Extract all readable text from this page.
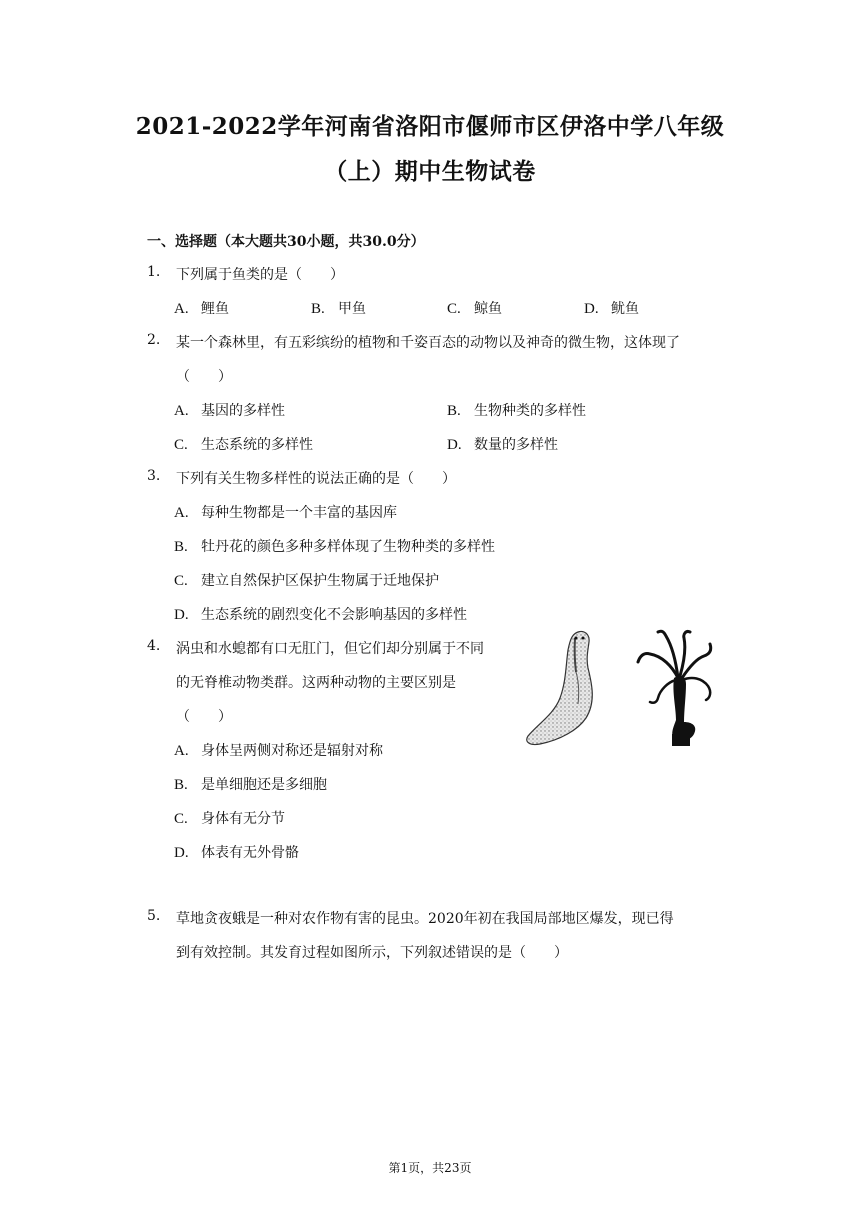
2021-2022学年河南省洛阳市偃师市区伊洛中学八年级
（上）期中生物试卷
一、选择题（本大题共30小题，共30.0分）
1. 下列属于鱼类的是（　　）
A. 鲤鱼	B. 甲鱼	C. 鲸鱼	D. 鱿鱼
2. 某一个森林里，有五彩缤纷的植物和千姿百态的动物以及神奇的微生物，这体现了
（　　）
A. 基因的多样性	B. 生物种类的多样性
C. 生态系统的多样性	D. 数量的多样性
3. 下列有关生物多样性的说法正确的是（　　）
A. 每种生物都是一个丰富的基因库
B. 牡丹花的颜色多种多样体现了生物种类的多样性
C. 建立自然保护区保护生物属于迁地保护
D. 生态系统的剧烈变化不会影响基因的多样性
4. 涡虫和水螅都有口无肛门，但它们却分别属于不同
的无脊椎动物类群。这两种动物的主要区别是
（　　）
A. 身体呈两侧对称还是辐射对称
B. 是单细胞还是多细胞
C. 身体有无分节
D. 体表有无外骨骼
5. 草地贪夜蛾是一种对农作物有害的昆虫。2020年初在我国局部地区爆发，现已得
到有效控制。其发育过程如图所示，下列叙述错误的是（　　）
第1页，共23页
